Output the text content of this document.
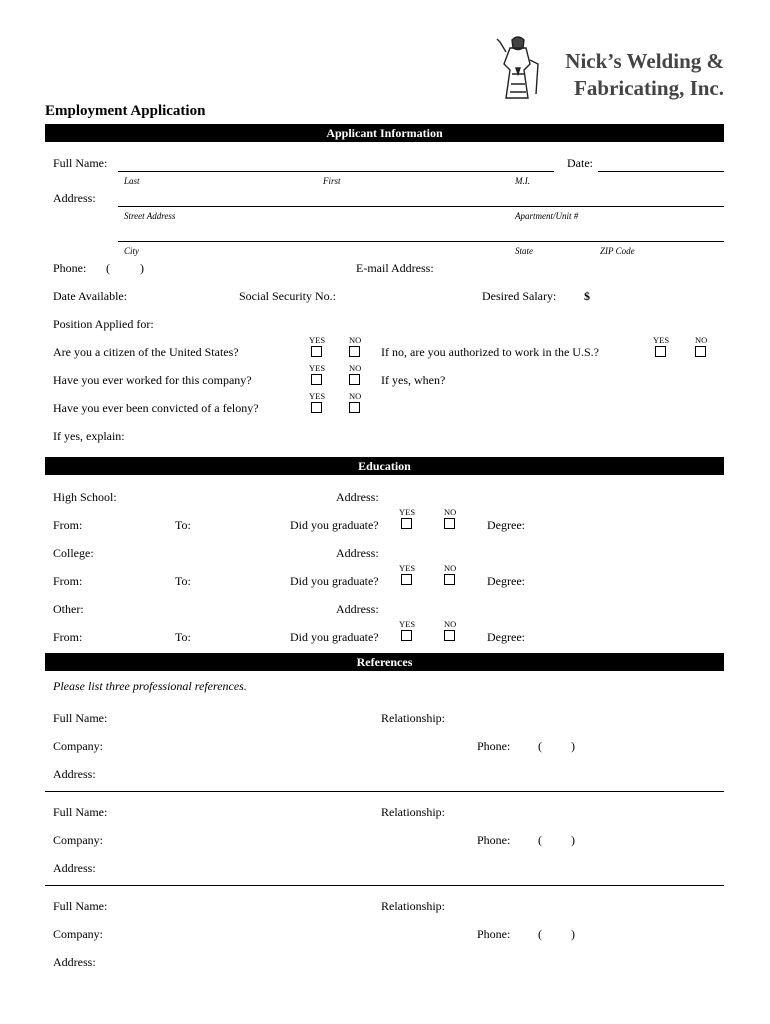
Nick’s Welding &
Fabricating, Inc.
Employment Application
Applicant Information
Full Name:	Date:
Last	First	M.I.
Address:
Street Address	Apartment/Unit #
City	State	ZIP Code
Phone: (	)	E-mail Address:
Date Available:	Social Security No.:	Desired Salary: $
Position Applied for:
YES	NO
Are you a citizen of the United States?	If no, are you authorized to work in the U.S.?
YES	NO
YES	NO
Have you ever worked for this company?	If yes, when?
YES	NO
Have you ever been convicted of a felony?
If yes, explain:
Education
High School:	Address:
YES	NO
From:	To:	Did you graduate?	Degree:
College:	Address:
YES	NO
From:	To:	Did you graduate?	Degree:
Other:	Address:
YES	NO
From:	To:	Did you graduate?	Degree:
References
Please list three professional references.
Full Name:	Relationship:
Company:	Phone: ( )
Address:
Full Name:	Relationship:
Company:	Phone: ( )
Address:
Full Name:	Relationship:
Company:	Phone: ( )
Address:
